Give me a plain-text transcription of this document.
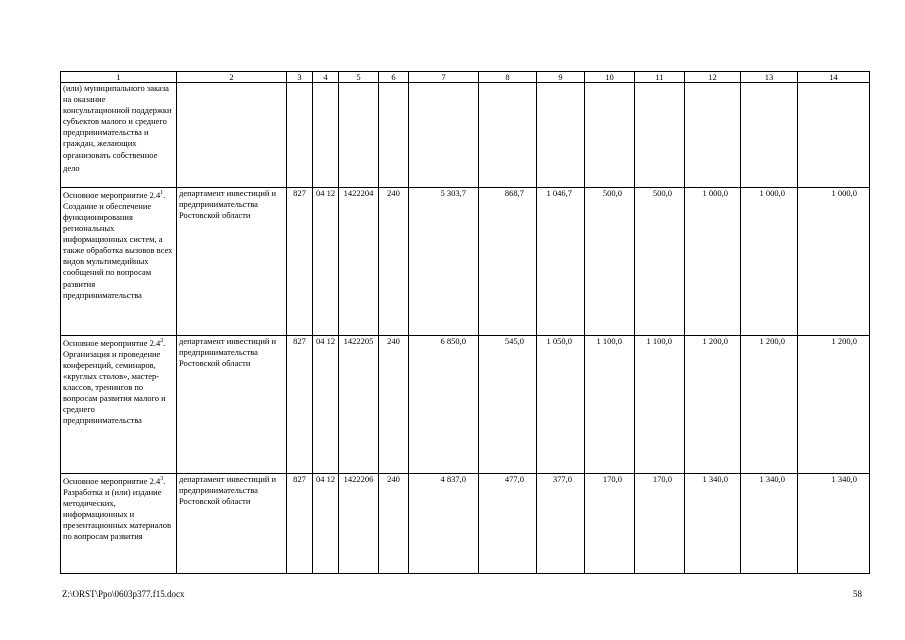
1	2	3	4	5	6	7	8	9	10	11	12	13	14
(или) муниципального заказа на оказание консультационной поддержки субъектов малого и среднего предпринимательства и граждан, желающих организовать собственное дело													
Основное мероприятие $2.4^1$. Создание и обеспечение функционирования региональных информационных систем, а также обработка вызовов всех видов мультимедийных сообщений по вопросам развития предпринимательства	департамент инвестиций и предпринимательства Ростовской области	827	04 12	1422204	240	5 303,7	868,7	1 046,7	500,0	500,0	1 000,0	1 000,0	1 000,0
Основное мероприятие $2.4^2$. Организация и проведение конференций, семинаров, «круглых столов», мастер-классов, тренингов по вопросам развития малого и среднего предпринимательства	департамент инвестиций и предпринимательства Ростовской области	827	04 12	1422205	240	6 850,0	545,0	1 050,0	1 100,0	1 100,0	1 200,0	1 200,0	1 200,0
Основное мероприятие $2.4^3$. Разработка и (или) издание методических, информационных и презентационных материалов по вопросам развития	департамент инвестиций и предпринимательства Ростовской области	827	04 12	1422206	240	4 837,0	477,0	377,0	170,0	170,0	1 340,0	1 340,0	1 340,0
Z:\ORST\Ppo\0603p377.f15.docx	58
